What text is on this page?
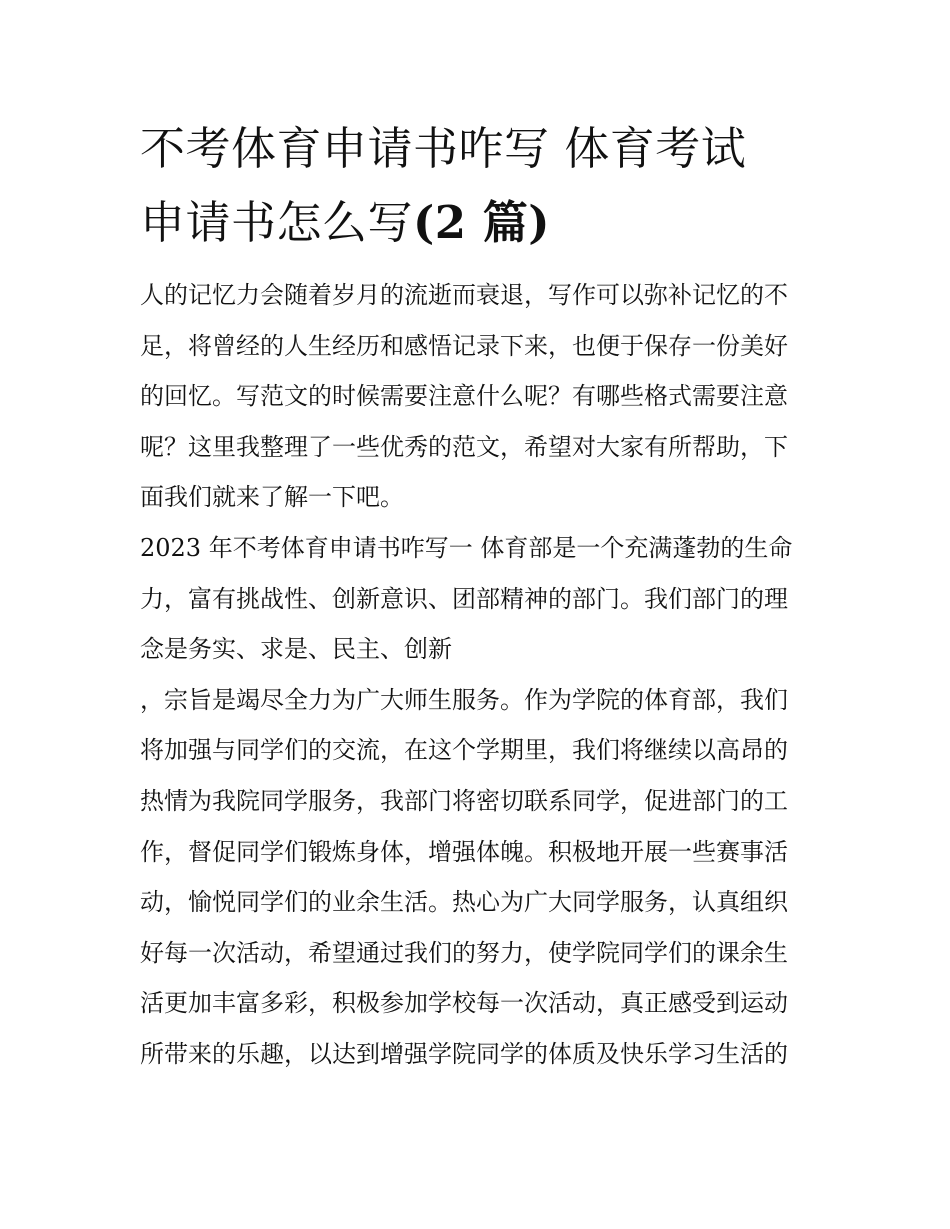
不考体育申请书咋写 体育考试
申请书怎么写(2 篇)

人的记忆力会随着岁月的流逝而衰退，写作可以弥补记忆的不
足，将曾经的人生经历和感悟记录下来，也便于保存一份美好
的回忆。写范文的时候需要注意什么呢？有哪些格式需要注意
呢？这里我整理了一些优秀的范文，希望对大家有所帮助，下
面我们就来了解一下吧。

2023 年不考体育申请书咋写一 体育部是一个充满蓬勃的生命
力，富有挑战性、创新意识、团部精神的部门。我们部门的理
念是务实、求是、民主、创新

，宗旨是竭尽全力为广大师生服务。作为学院的体育部，我们
将加强与同学们的交流，在这个学期里，我们将继续以高昂的
热情为我院同学服务，我部门将密切联系同学，促进部门的工
作，督促同学们锻炼身体，增强体魄。积极地开展一些赛事活
动，愉悦同学们的业余生活。热心为广大同学服务，认真组织
好每一次活动，希望通过我们的努力，使学院同学们的课余生
活更加丰富多彩，积极参加学校每一次活动，真正感受到运动
所带来的乐趣，以达到增强学院同学的体质及快乐学习生活的
